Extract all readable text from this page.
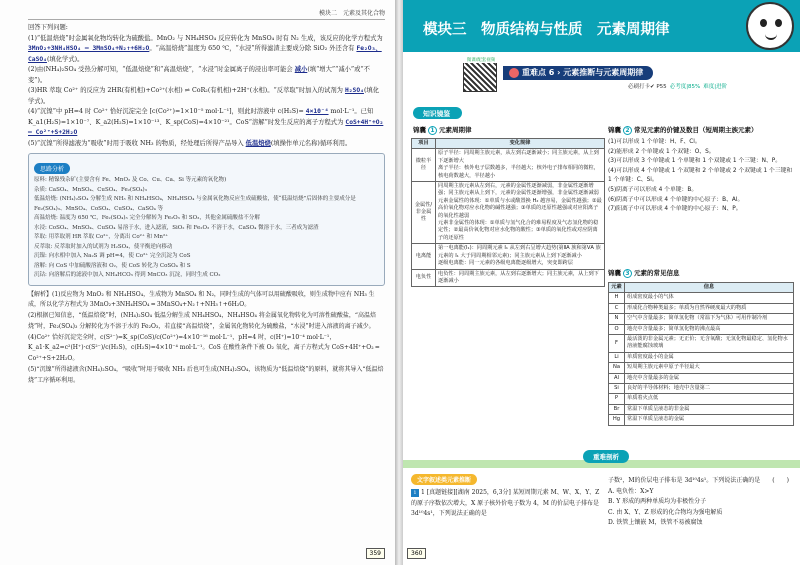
模块二　元素及其化合物
回答下列问题:
(1)“低温焙烧”时金属氧化物均转化为硫酸盐。MnO₂ 与 NH₄HSO₄ 反应转化为 MnSO₄ 时有 N₂ 生成，该反应的化学方程式为 3MnO₂+3NH₄HSO₄ ═ 3MnSO₄+N₂↑+6H₂O。“高温焙烧”温度为 650 ℃，“水浸”所得滤渣主要成分除 SiO₂ 外还含有 Fe₂O₃、CaSO₄(填化学式)。
(2)由(NH₄)₂SO₄ 受热分解可知，“低温焙烧”和“高温焙烧”，“水浸”时金属离子的浸出率可能会 减小(填“增大”“减小”或“不变”)。
(3)HR 萃取 Co²⁺ 的反应为 2HR(有机相)+Co²⁺(水相) ⇌ CoR₂(有机相)+2H⁺(水相)。“反萃取”时加入的试剂为 H₂SO₄(填化学式)。
(4)“沉镍”中 pH=4 时 Co²⁺ 恰好沉淀完全 [c(Co²⁺)=1×10⁻⁵ mol·L⁻¹]，则此时溶液中 c(H₂S)= 4×10⁻⁴ mol·L⁻¹。已知 K_a1(H₂S)=1×10⁻⁷、K_a2(H₂S)=1×10⁻¹³、K_sp(CoS)=4×10⁻²¹。CoS“溶解”时发生反应的离子方程式为 CoS+4H⁺+O₂ ═ Co²⁺+S+2H₂O
(5)“沉镍”所得滤液为“吸收”时用于吸收 NH₃ 的物质，经处理后所得产品导入 低温焙烧(填操作单元名称)循环利用。
思路分析
原料: 精镍残杂矿(主要含有 Fe、MnO₂ 及 Co、Cu、Ca、Si 等元素的氧化物)
杂质: CaSO₄、MnSO₄、CuSO₄、Fe₂(SO₄)₃
低温焙烧: (NH₄)₂SO₄ 分解生成 NH₃ 和 NH₄HSO₄，NH₄HSO₄ 与金属氧化物反应生成硫酸盐，使“低温焙烧”后固体的主要成分是 Fe₂(SO₄)₃、MnSO₄、CoSO₄、CuSO₄、CaSO₄ 等
高温焙烧: 温度为 650 ℃，Fe₂(SO₄)₃ 完全分解转为 Fe₂O₃ 和 SO₃，其他金属硫酸盐不分解
水浸: CoSO₄、MnSO₄、CuSO₄ 易溶于水，进入滤液，SiO₂ 和 Fe₂O₃ 不溶于水，CaSO₄ 微溶于水，三者成为滤渣
萃取: 用萃取剂 HR 萃取 Co²⁺，分离出 Co²⁺ 和 Mn²⁺
反萃取: 反萃取时加入的试剂为 H₂SO₄，使平衡逆向移动
沉镍: 向水相中加入 Na₂S 调 pH=4，使 Co²⁺ 完全沉淀为 CoS
溶解: 向 CoS 中加硫酸溶液和 O₂，使 CoS 转化为 CoSO₄ 和 S
沉钴: 向溶解后的滤液中加入 NH₄HCO₃ 得到 MnCO₃ 沉淀，同时生成 CO₂
【解析】(1)反应物为 MnO₂ 和 NH₄HSO₄，生成物为 MnSO₄ 和 N₂，同时生成的气体可以用硫酸吸收，则生成物中应有 NH₃ 生成，所以化学方程式为 3MnO₂+3NH₄HSO₄ ═ 3MnSO₄+N₂↑+NH₃↑+6H₂O。
(2)根据已知信息，“低温焙烧”时，(NH₄)₂SO₄ 低温分解生成 NH₄HSO₄，NH₄HSO₄ 将金属氧化物转化为可溶性硫酸盐，“高温焙烧”时，Fe₂(SO₄)₃ 分解转化为不溶于水的 Fe₂O₃，若直接“高温焙烧”，金属氧化物转化为硫酸盐，“水浸”时进入溶液的离子减少。
(4)Co²⁺ 恰好沉淀完全时，c(S²⁻)=K_sp(CoS)/c(Co²⁺)=4×10⁻¹⁶ mol·L⁻¹，pH=4 时，c(H⁺)=10⁻⁴ mol·L⁻¹，K_a1·K_a2=c²(H⁺)·c(S²⁻)/c(H₂S)，c(H₂S)=4×10⁻⁴ mol·L⁻¹。CoS 在酸性条件下被 O₂ 氧化，离子方程式为 CoS+4H⁺+O₂ ═ Co²⁺+S+2H₂O。
(5)“沉镍”所得滤液含(NH₄)₂SO₄，“吸收”时用于吸收 NH₃ 后也可生成(NH₄)₂SO₄，该物质为“低温焙烧”的原料，就将其导入“低温焙烧”工序循环利用。
359
模块三　物质结构与性质　元素周期律
微课/配套视频
重难点 6 › 元素推断与元素周期律
必刷打卡✔ P55 必考度|85% 难度|进阶
知识镜鉴
锦囊 1 元素周期律
项目	变化规律
微粒半径	原子半径：同周期主族元素，从左到右逐渐减小；同主族元素，从上到下逐渐增大
离子半径：核外电子层数越多，半径越大；核外电子排布相同的微粒，核电荷数越大，半径越小
金属性/非金属性	同周期主族元素从左到右，元素的金属性逐渐减弱，非金属性逐渐增强；同主族元素从上到下，元素的金属性逐渐增强，非金属性逐渐减弱
元素金属性的体现：①单质与水或酸置换 H₂ 越容易，金属性越强；②最高价氧化物对应水化物的碱性越强；③单质的还原性越强或对应阳离子的氧化性越弱
元素非金属性的体现：①单质与氢气化合的难易程度及气态氢化物的稳定性；②最高价氧化物对应水化物的酸性；③单质的氧化性或对应阴离子的还原性
电离能	第一电离能(I₁)：同周期元素 I₁ 从左到右呈增大趋势(第ⅡA 族和第ⅤA 族元素的 I₁ 大于同周期相邻元素)；同主族元素从上到下逐渐减小
逐级电离能：同一元素的各级电离能逐级增大，突变即跨层
电负性	电负性：同周期主族元素，从左到右逐渐增大；同主族元素，从上到下逐渐减小
锦囊 2 常见元素的价键及数目（短周期主族元素）
(1)可以形成 1 个单键：H、F、Cl。
(2)能形成 2 个单键或 1 个双键：O、S。
(3)可以形成 3 个单键或 1 个单键和 1 个双键或 1 个三键：N、P。
(4)可以形成 4 个单键或 1 个双键和 2 个单键或 2 个双键或 1 个三键和 1 个单键：C、Si。
(5)阴离子可以形成 4 个单键：B。
(6)阴离子中可以形成 4 个单键的中心原子：B、Al。
(7)阳离子中可以形成 4 个单键的中心原子：N、P。
锦囊 3 元素的常见信息
元素	信息
H	组成密度最小的气体
C	形成化合物种类最多；单质为自然界硬度最大的物质
N	空气中含量最多；简单氢化物（常温下为气体）可用作制冷剂
O	地壳中含量最多；简单氢化物的沸点最高
F	最活泼的非金属元素；无正价；无含氧酸；无氢化物最稳定、氢化物水溶液能腐蚀玻璃
Li	单质密度最小的金属
Na	短周期主族元素中原子半径最大
Al	地壳中含量最多的金属
Si	良好的半导体材料；地壳中含量第二
P	单质着火点低
Br	常温下单质呈液态的非金属
Hg	常温下单质呈液态的金属
重难剖析
文字叙述类元素推断
1 1 [真题链接][湖南 2025，6,3分] 某短周期元素 M、W、X、Y、Z 的原子序数依次增大，X 原子核外价电子数为 4，M 的价层电子排布是 3d¹⁰4s¹，下列说法正确的是
子数²，M的价层电子排布是 3d¹⁰4s¹。下列说法正确的是　　(　　)
A. 电负性：X>Y
B. Y 形成的两种单质均为非极性分子
C. 由 X、Y、Z 形成的化合物均为强电解质
D. 铁管上镶嵌 M，铁管不易被腐蚀
360
